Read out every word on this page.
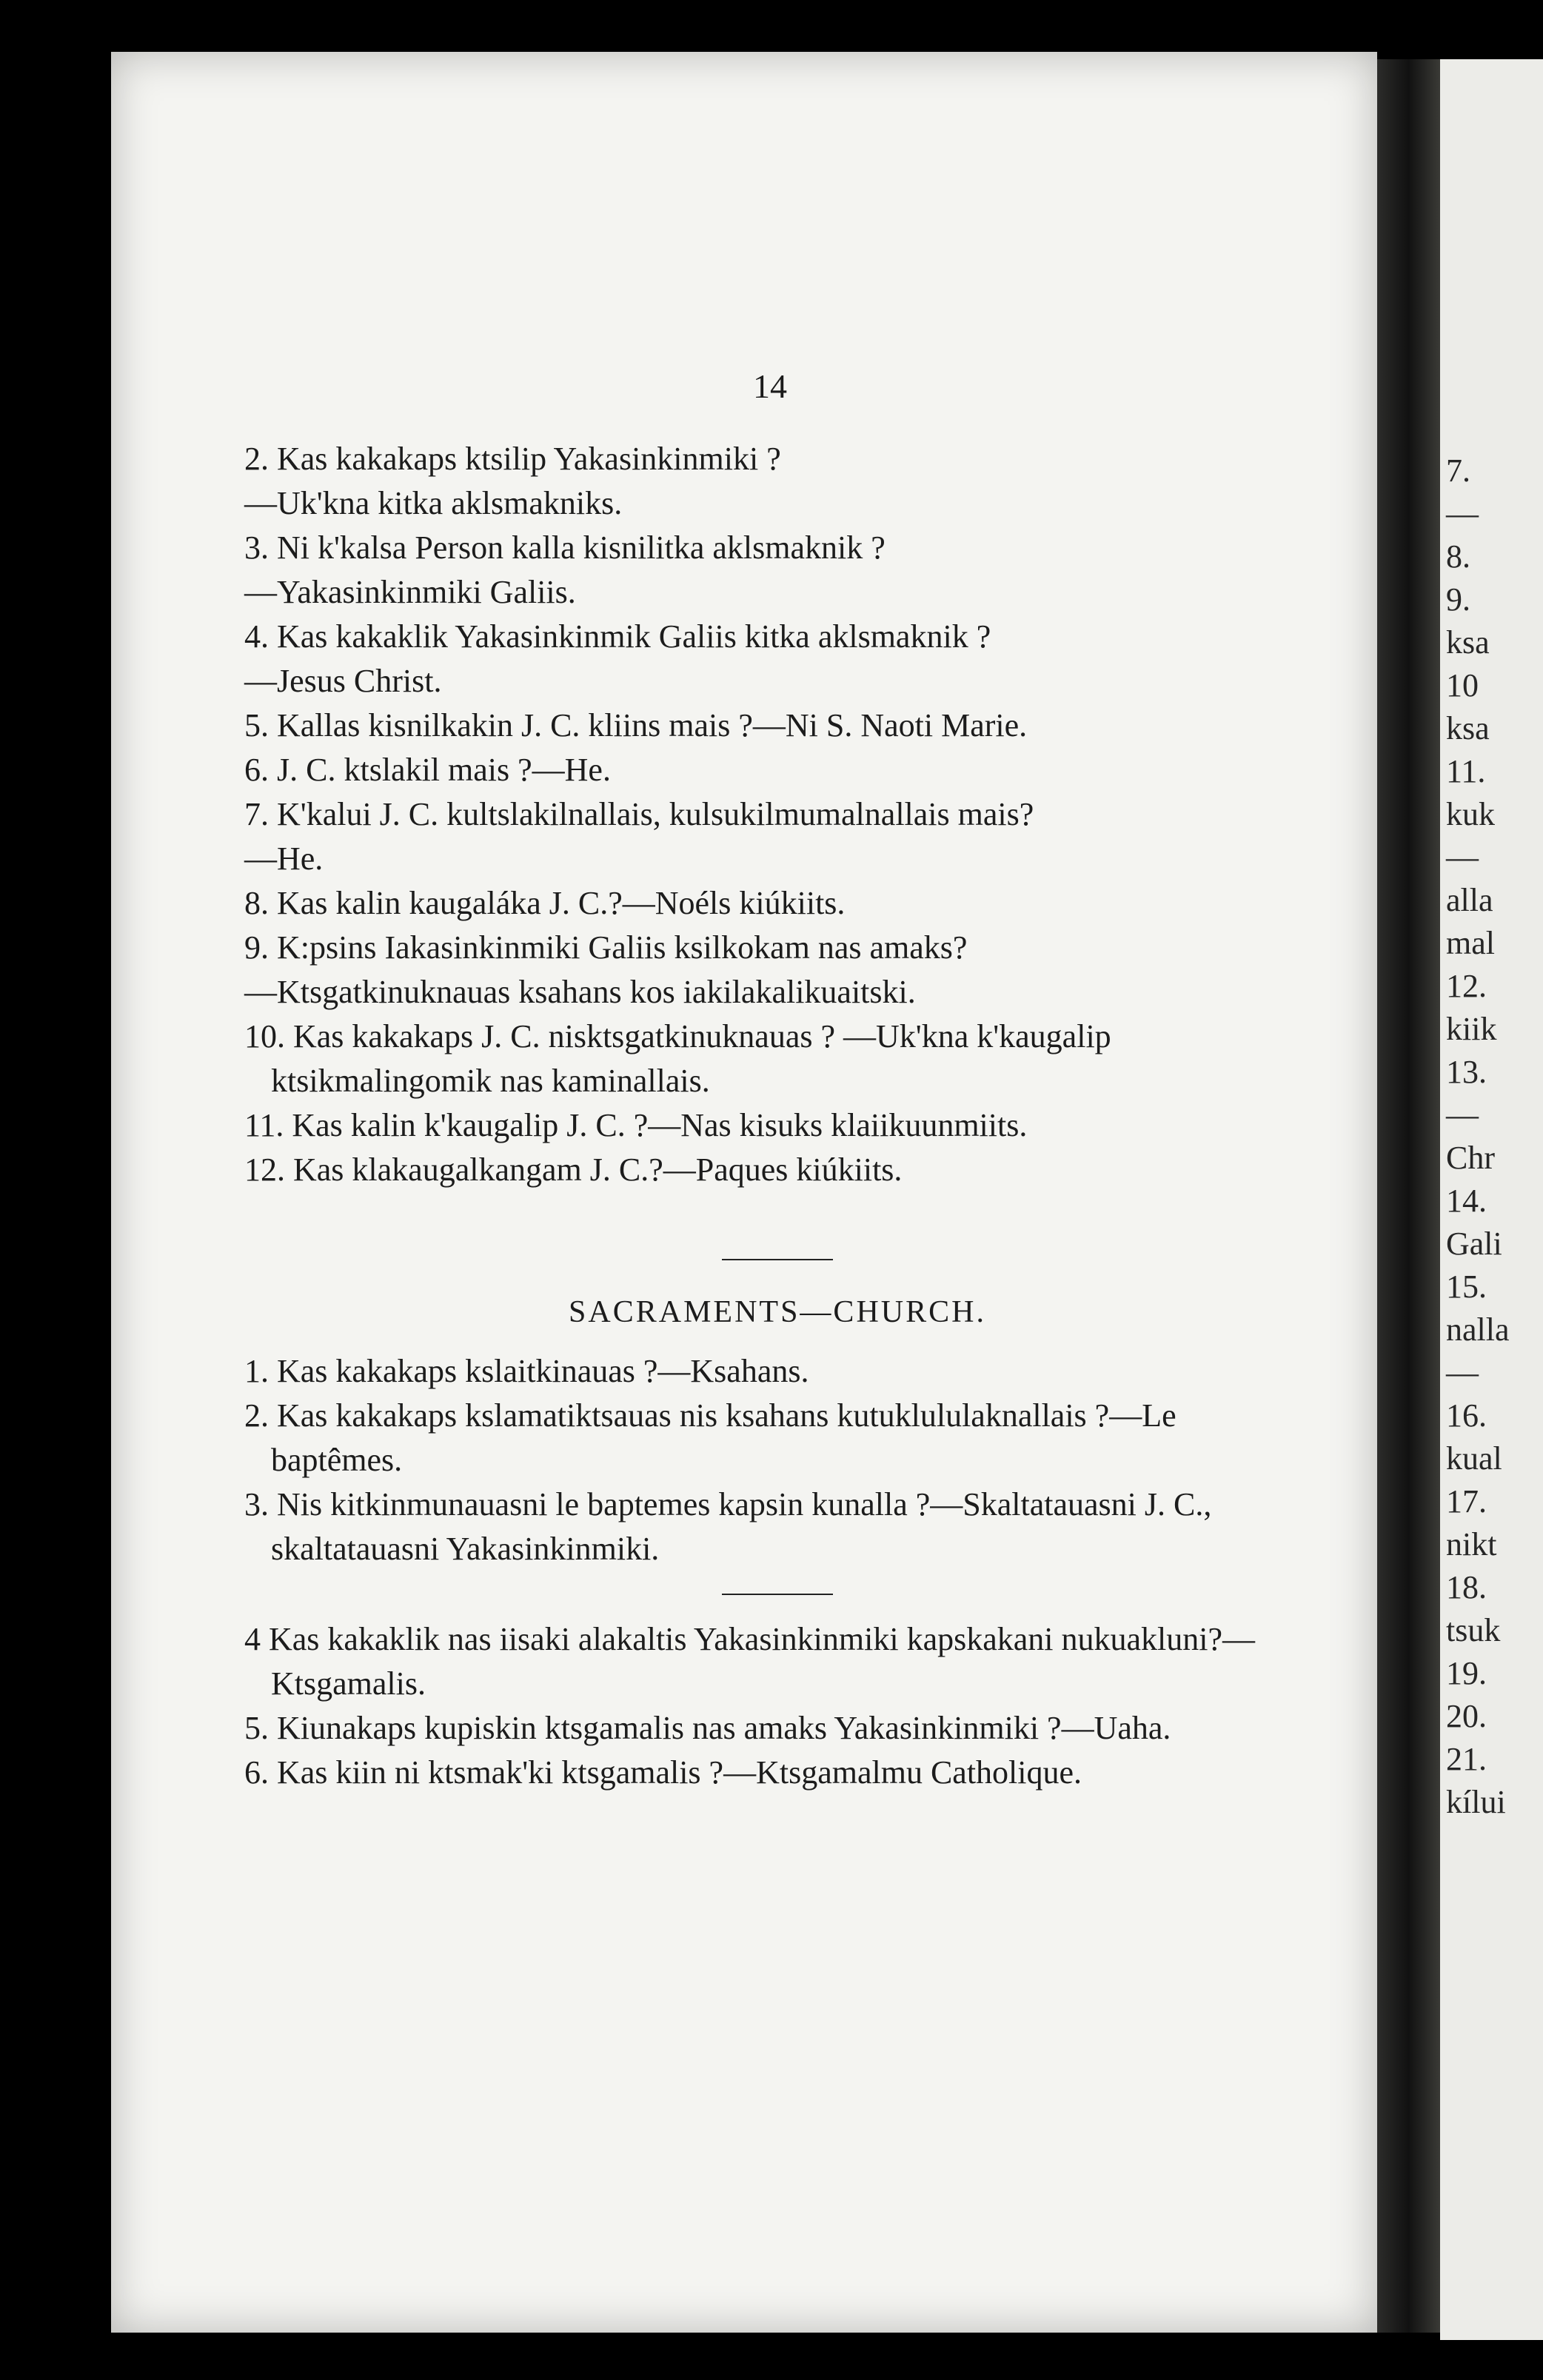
7.
—
8.
9.
ksa
10
ksa
11.
kuk
—
alla
mal
12.
kiik
13.
—
Chr
14.
Gali
15.
nalla
—
16.
kual
17.
nikt
18.
tsuk
19.
20.
21.
kílui
14

2. Kas kakakaps ktsilip Yakasinkinmiki ?

—Uk'kna kitka aklsmakniks.

3. Ni k'kalsa Person kalla kisnilitka aklsmaknik ?

—Yakasinkinmiki Galiis.

4. Kas kakaklik Yakasinkinmik Galiis kitka aklsmaknik ?

—Jesus Christ.

5. Kallas kisnilkakin J. C. kliins mais ?—Ni S. Naoti Marie.

6. J. C. ktslakil mais ?—He.

7. K'kalui J. C. kultslakilnallais, kulsukilmumalnallais mais?

—He.

8. Kas kalin kaugaláka J. C.?—Noéls kiúkiits.

9. K:psins Iakasinkinmiki Galiis ksilkokam nas amaks?

—Ktsgatkinuknauas ksahans kos iakilakalikuaitski.

10. Kas kakakaps J. C. nisktsgatkinuknauas ? —Uk'kna k'kaugalip ktsikmalingomik nas kaminallais.

11. Kas kalin k'kaugalip J. C. ?—Nas kisuks klaiikuunmiits.

12. Kas klakaugalkangam J. C.?—Paques kiúkiits.

SACRAMENTS—CHURCH.

1. Kas kakakaps kslaitkinauas ?—Ksahans.

2. Kas kakakaps kslamatiktsauas nis ksahans kutuklululaknallais ?—Le baptêmes.

3. Nis kitkinmunauasni le baptemes kapsin kunalla ?—Skaltatauasni J. C., skaltatauasni Yakasinkinmiki.

4 Kas kakaklik nas iisaki alakaltis Yakasinkinmiki kapskakani nukuakluni?—Ktsgamalis.

5. Kiunakaps kupiskin ktsgamalis nas amaks Yakasinkinmiki ?—Uaha.

6. Kas kiin ni ktsmak'ki ktsgamalis ?—Ktsgamalmu Catholique.
